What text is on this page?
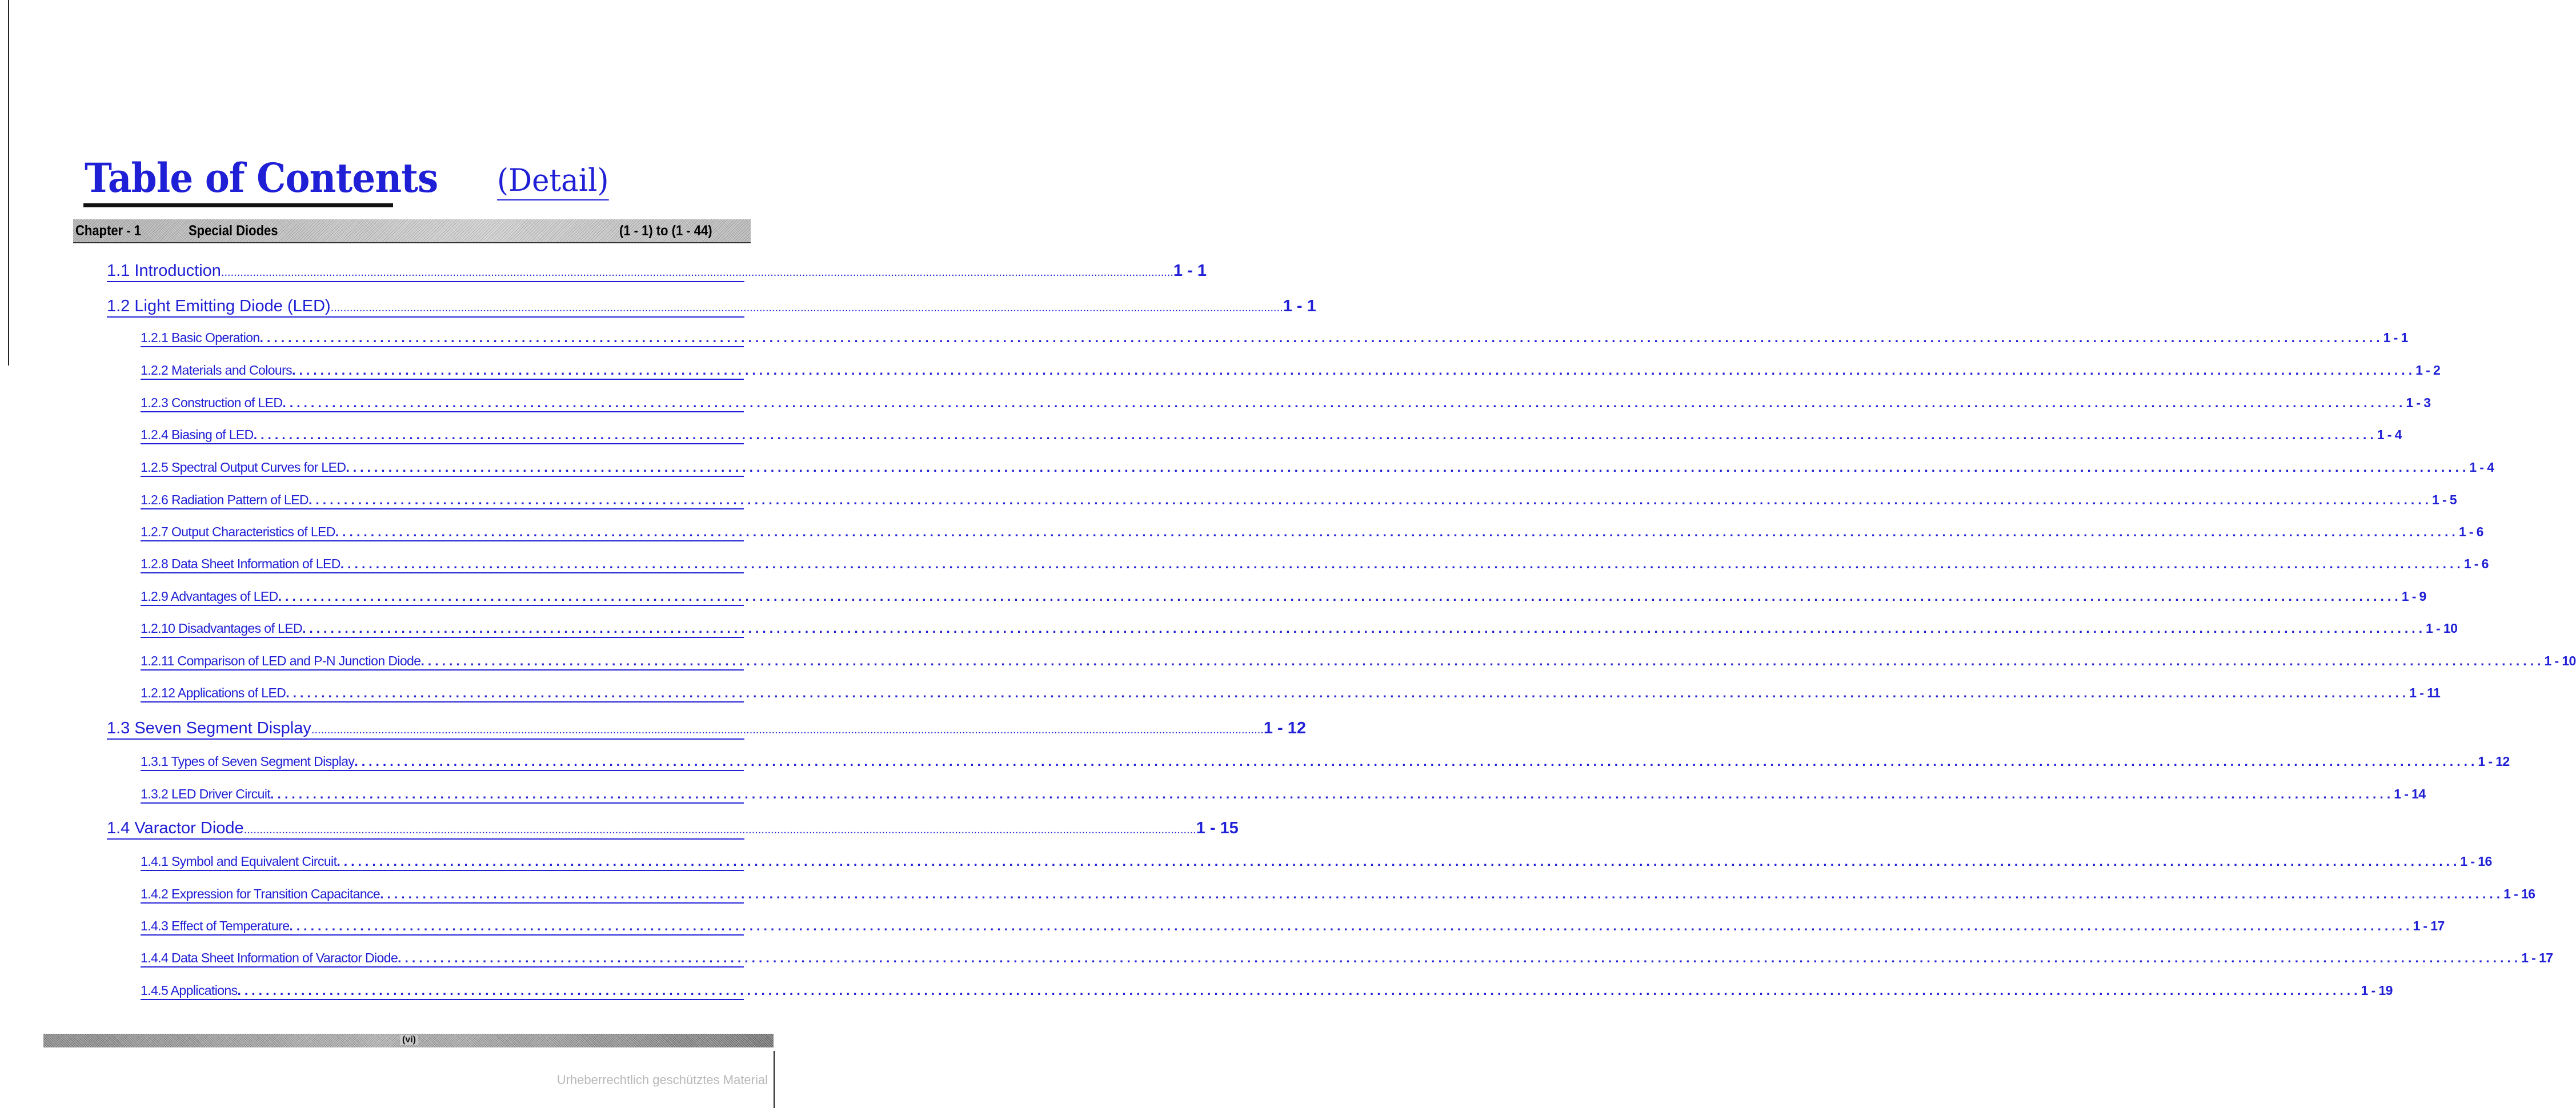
Table of Contents (Detail)
Chapter - 1	Special Diodes	(1 - 1) to (1 - 44)
1.1 Introduction ............................................................................................................................................................................................................................................................................................................ 1 - 1
1.2 Light Emitting Diode (LED) ............................................................................................................................................................................................................................................................................................................ 1 - 1
1.2.1 Basic Operation ............................................................................................................................................................................................................................................................................................................ 1 - 1
1.2.2 Materials and Colours ............................................................................................................................................................................................................................................................................................................ 1 - 2
1.2.3 Construction of LED ............................................................................................................................................................................................................................................................................................................ 1 - 3
1.2.4 Biasing of LED ............................................................................................................................................................................................................................................................................................................ 1 - 4
1.2.5 Spectral Output Curves for LED ............................................................................................................................................................................................................................................................................................................ 1 - 4
1.2.6 Radiation Pattern of LED ............................................................................................................................................................................................................................................................................................................ 1 - 5
1.2.7 Output Characteristics of LED ............................................................................................................................................................................................................................................................................................................ 1 - 6
1.2.8 Data Sheet Information of LED ............................................................................................................................................................................................................................................................................................................ 1 - 6
1.2.9 Advantages of LED ............................................................................................................................................................................................................................................................................................................ 1 - 9
1.2.10 Disadvantages of LED ............................................................................................................................................................................................................................................................................................................ 1 - 10
1.2.11 Comparison of LED and P-N Junction Diode ............................................................................................................................................................................................................................................................................................................ 1 - 10
1.2.12 Applications of LED ............................................................................................................................................................................................................................................................................................................ 1 - 11
1.3 Seven Segment Display ............................................................................................................................................................................................................................................................................................................ 1 - 12
1.3.1 Types of Seven Segment Display ............................................................................................................................................................................................................................................................................................................ 1 - 12
1.3.2 LED Driver Circuit ............................................................................................................................................................................................................................................................................................................ 1 - 14
1.4 Varactor Diode ............................................................................................................................................................................................................................................................................................................ 1 - 15
1.4.1 Symbol and Equivalent Circuit ............................................................................................................................................................................................................................................................................................................ 1 - 16
1.4.2 Expression for Transition Capacitance ............................................................................................................................................................................................................................................................................................................ 1 - 16
1.4.3 Effect of Temperature ............................................................................................................................................................................................................................................................................................................ 1 - 17
1.4.4 Data Sheet Information of Varactor Diode ............................................................................................................................................................................................................................................................................................................ 1 - 17
1.4.5 Applications ............................................................................................................................................................................................................................................................................................................ 1 - 19
(vi)
Urheberrechtlich geschütztes Material
